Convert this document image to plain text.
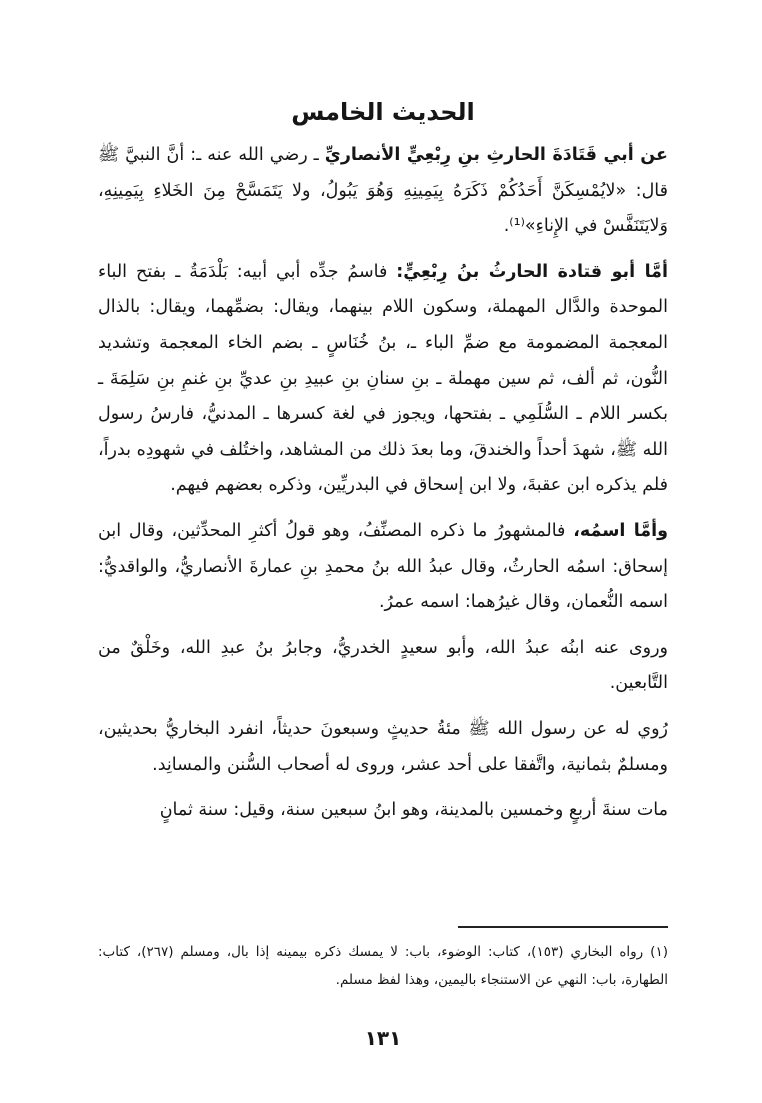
الحديث الخامس

عن أبي قَتَادَةَ الحارثِ بنِ رِبْعِيٍّ الأنصاريِّ ـ رضي الله عنه ـ: أنَّ النبيَّ ﷺ قال: «لايُمْسِكَنَّ أَحَدُكُمْ ذَكَرَهُ بِيَمِينِهِ وَهُوَ يَبُولُ، ولا يَتَمَسَّحْ مِنَ الخَلاءِ بِيَمِينِهِ، وَلايَتَنَفَّسْ في الإِناءِ»⁽¹⁾.

أمَّا أبو قتادة الحارثُ بنُ رِبْعِيٍّ: فاسمُ جدِّه أبي أبيه: بَلْدَمَةُ ـ بفتح الباء الموحدة والدَّال المهملة، وسكون اللام بينهما، ويقال: بضمِّهما، ويقال: بالذال المعجمة المضمومة مع ضمِّ الباء ـ، بنُ خُنَاسٍ ـ بضم الخاء المعجمة وتشديد النُّون، ثم ألف، ثم سين مهملة ـ بنِ سنانِ بنِ عبيدِ بنِ عديِّ بنِ غنمِ بنِ سَلِمَةَ ـ بكسر اللام ـ السُّلَمِي ـ بفتحها، ويجوز في لغة كسرها ـ المدنيُّ، فارسُ رسول الله ﷺ، شهدَ أحداً والخندقَ، وما بعدَ ذلك من المشاهد، واختُلف في شهودِه بدراً، فلم يذكره ابن عقبةَ، ولا ابن إسحاق في البدريِّين، وذكره بعضهم فيهم.

وأمَّا اسمُه، فالمشهورُ ما ذكره المصنِّفُ، وهو قولُ أكثرِ المحدِّثين، وقال ابن إسحاق: اسمُه الحارثُ، وقال عبدُ الله بنُ محمدِ بنِ عمارةَ الأنصاريُّ، والواقديُّ: اسمه النُّعمان، وقال غيرُهما: اسمه عمرُ.

وروى عنه ابنُه عبدُ الله، وأبو سعيدٍ الخدريُّ، وجابرُ بنُ عبدِ الله، وخَلْقٌ من التَّابعين.

رُوي له عن رسول الله ﷺ مئةُ حديثٍ وسبعونَ حديثاً، انفرد البخاريُّ بحديثين، ومسلمٌ بثمانية، واتَّفقا على أحد عشر، وروى له أصحاب السُّنن والمسانِد.

مات سنةَ أربعٍ وخمسين بالمدينة، وهو ابنُ سبعين سنة، وقيل: سنة ثمانٍ

(١) رواه البخاري (١٥٣)، كتاب: الوضوء، باب: لا يمسك ذكره بيمينه إذا بال، ومسلم (٢٦٧)، كتاب: الطهارة، باب: النهي عن الاستنجاء باليمين، وهذا لفظ مسلم.

١٣١
